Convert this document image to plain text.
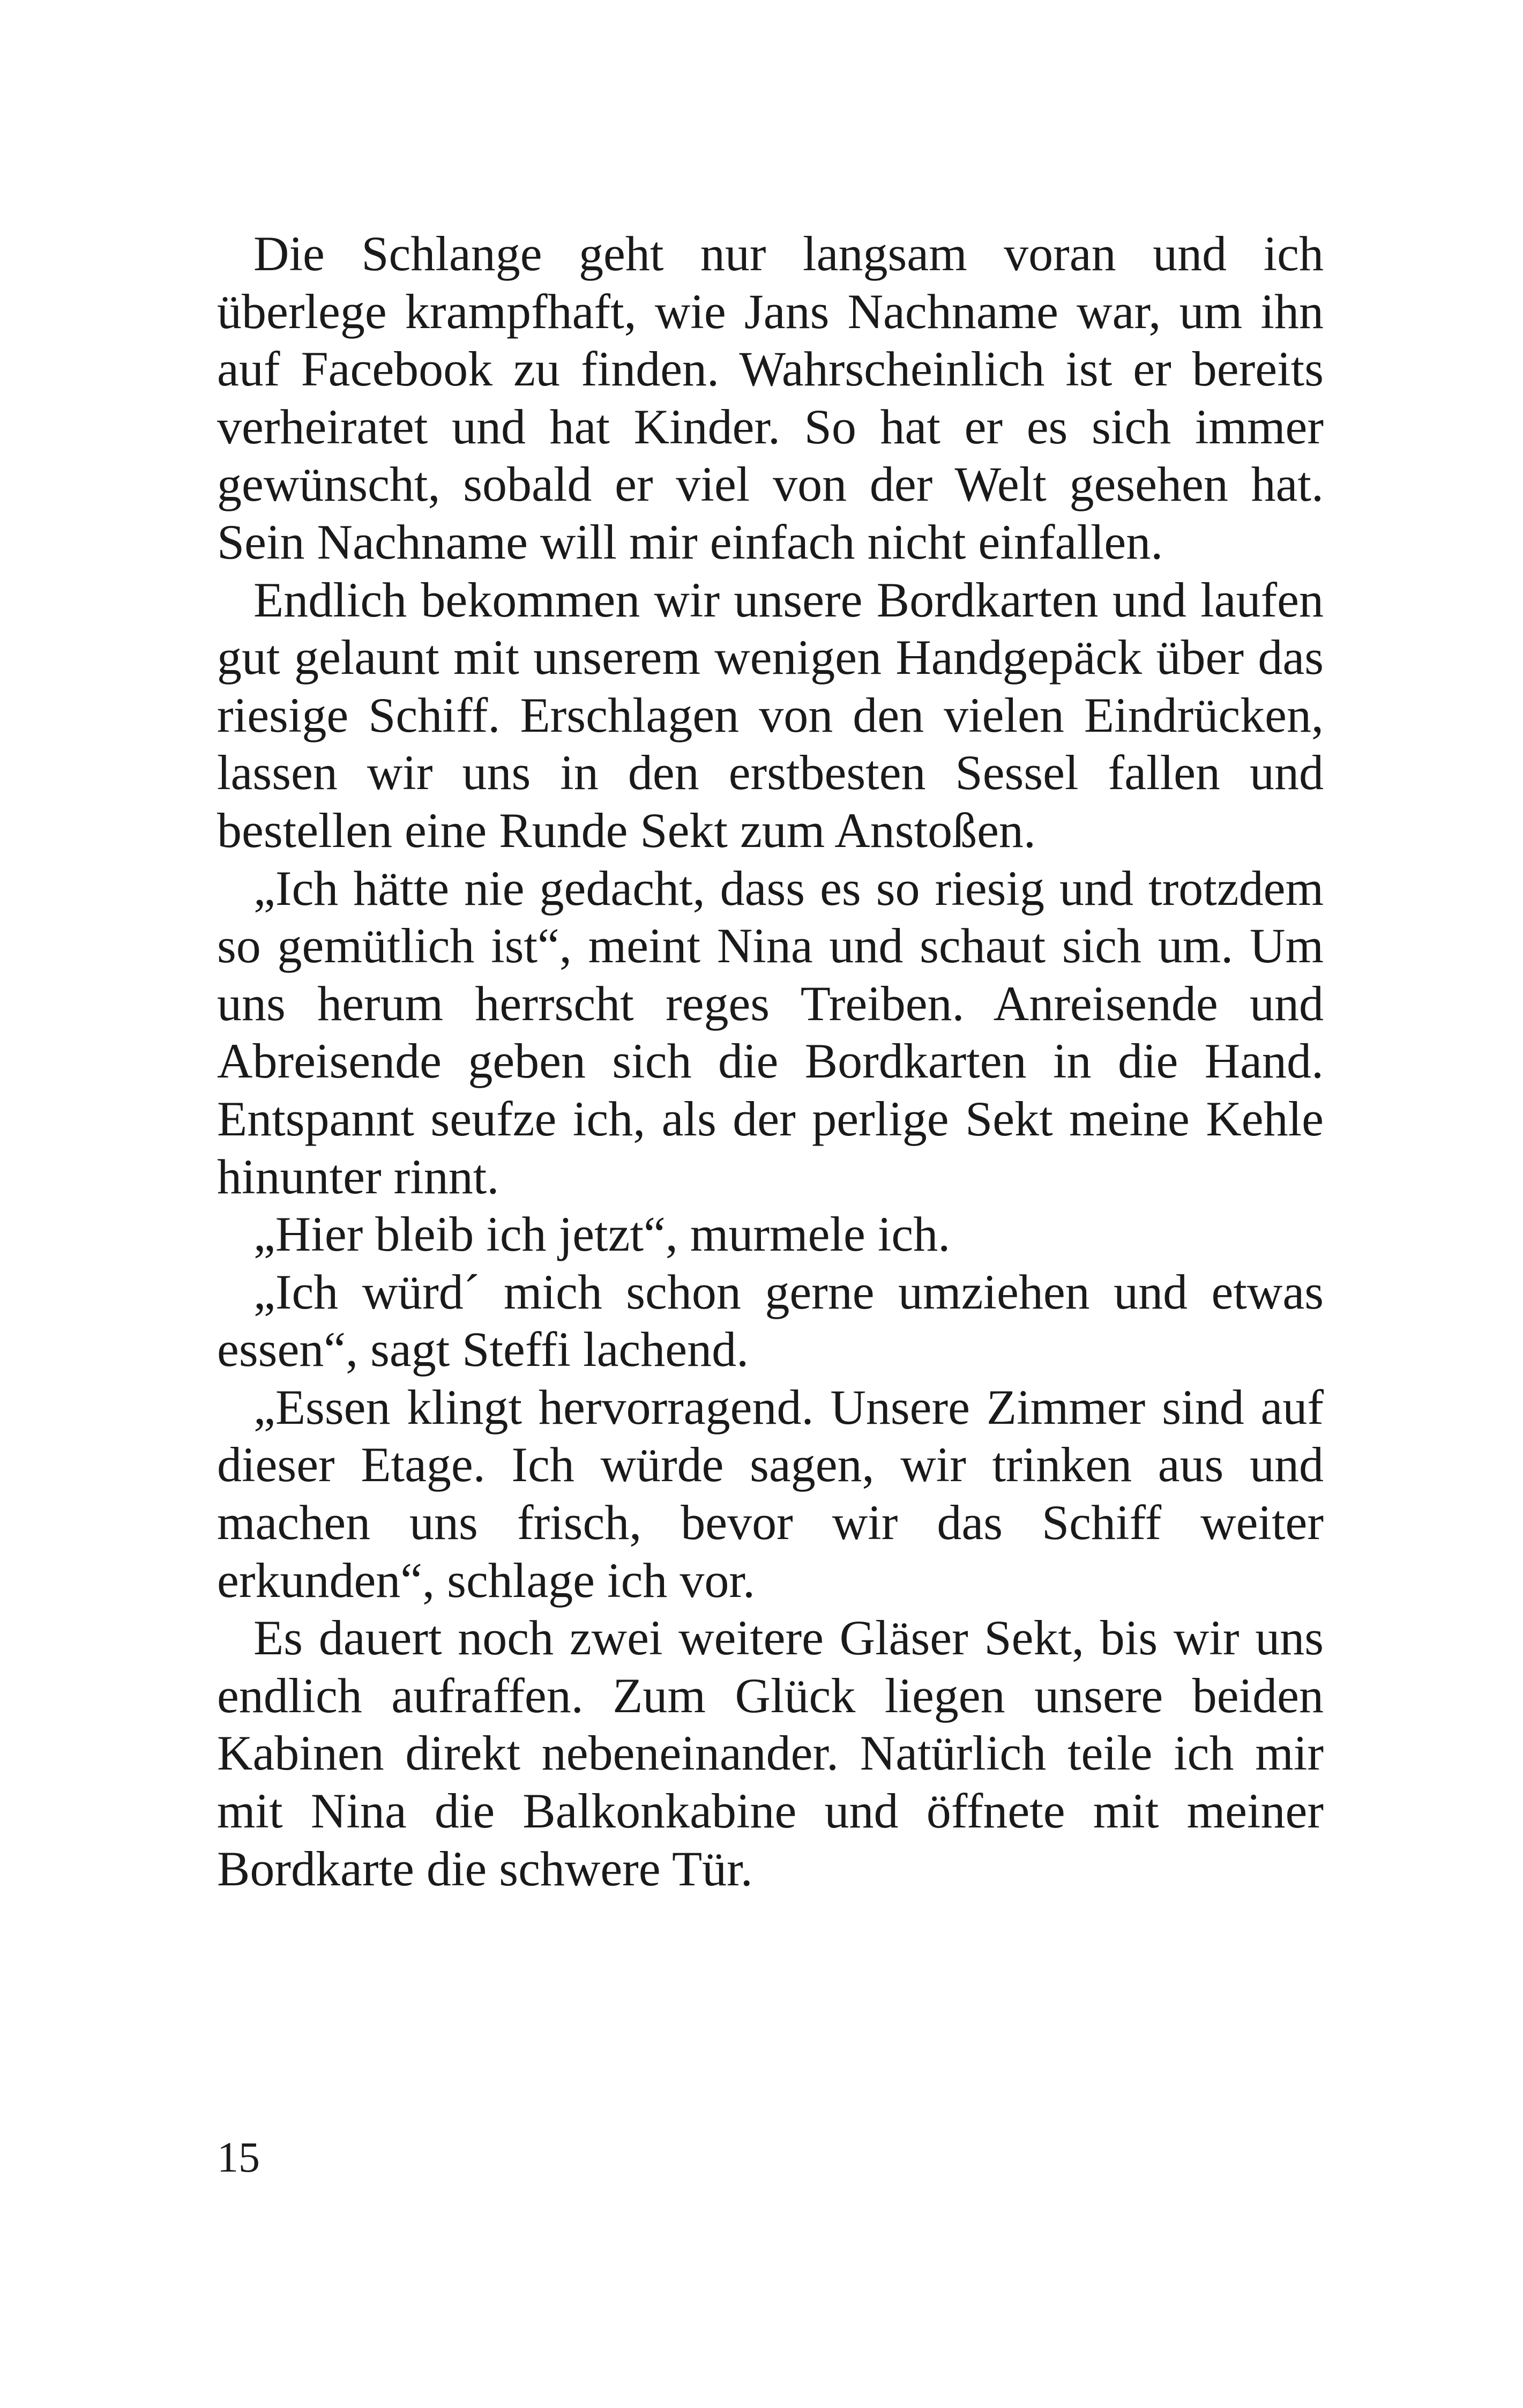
Die Schlange geht nur langsam voran und ich überlege krampfhaft, wie Jans Nachname war, um ihn auf Facebook zu finden. Wahrscheinlich ist er bereits verheiratet und hat Kinder. So hat er es sich immer gewünscht, sobald er viel von der Welt gesehen hat. Sein Nachname will mir einfach nicht einfallen.

Endlich bekommen wir unsere Bordkarten und laufen gut gelaunt mit unserem wenigen Handgepäck über das riesige Schiff. Erschlagen von den vielen Eindrücken, lassen wir uns in den erstbesten Sessel fallen und bestellen eine Runde Sekt zum Anstoßen.

„Ich hätte nie gedacht, dass es so riesig und trotzdem so gemütlich ist“, meint Nina und schaut sich um. Um uns herum herrscht reges Treiben. Anreisende und Abreisende geben sich die Bordkarten in die Hand. Entspannt seufze ich, als der perlige Sekt meine Kehle hinunter rinnt.

„Hier bleib ich jetzt“, murmele ich.

„Ich würd´ mich schon gerne umziehen und etwas essen“, sagt Steffi lachend.

„Essen klingt hervorragend. Unsere Zimmer sind auf dieser Etage. Ich würde sagen, wir trinken aus und machen uns frisch, bevor wir das Schiff weiter erkunden“, schlage ich vor.

Es dauert noch zwei weitere Gläser Sekt, bis wir uns endlich aufraffen. Zum Glück liegen unsere beiden Kabinen direkt nebeneinander. Natürlich teile ich mir mit Nina die Balkonkabine und öffnete mit meiner Bordkarte die schwere Tür.

15
